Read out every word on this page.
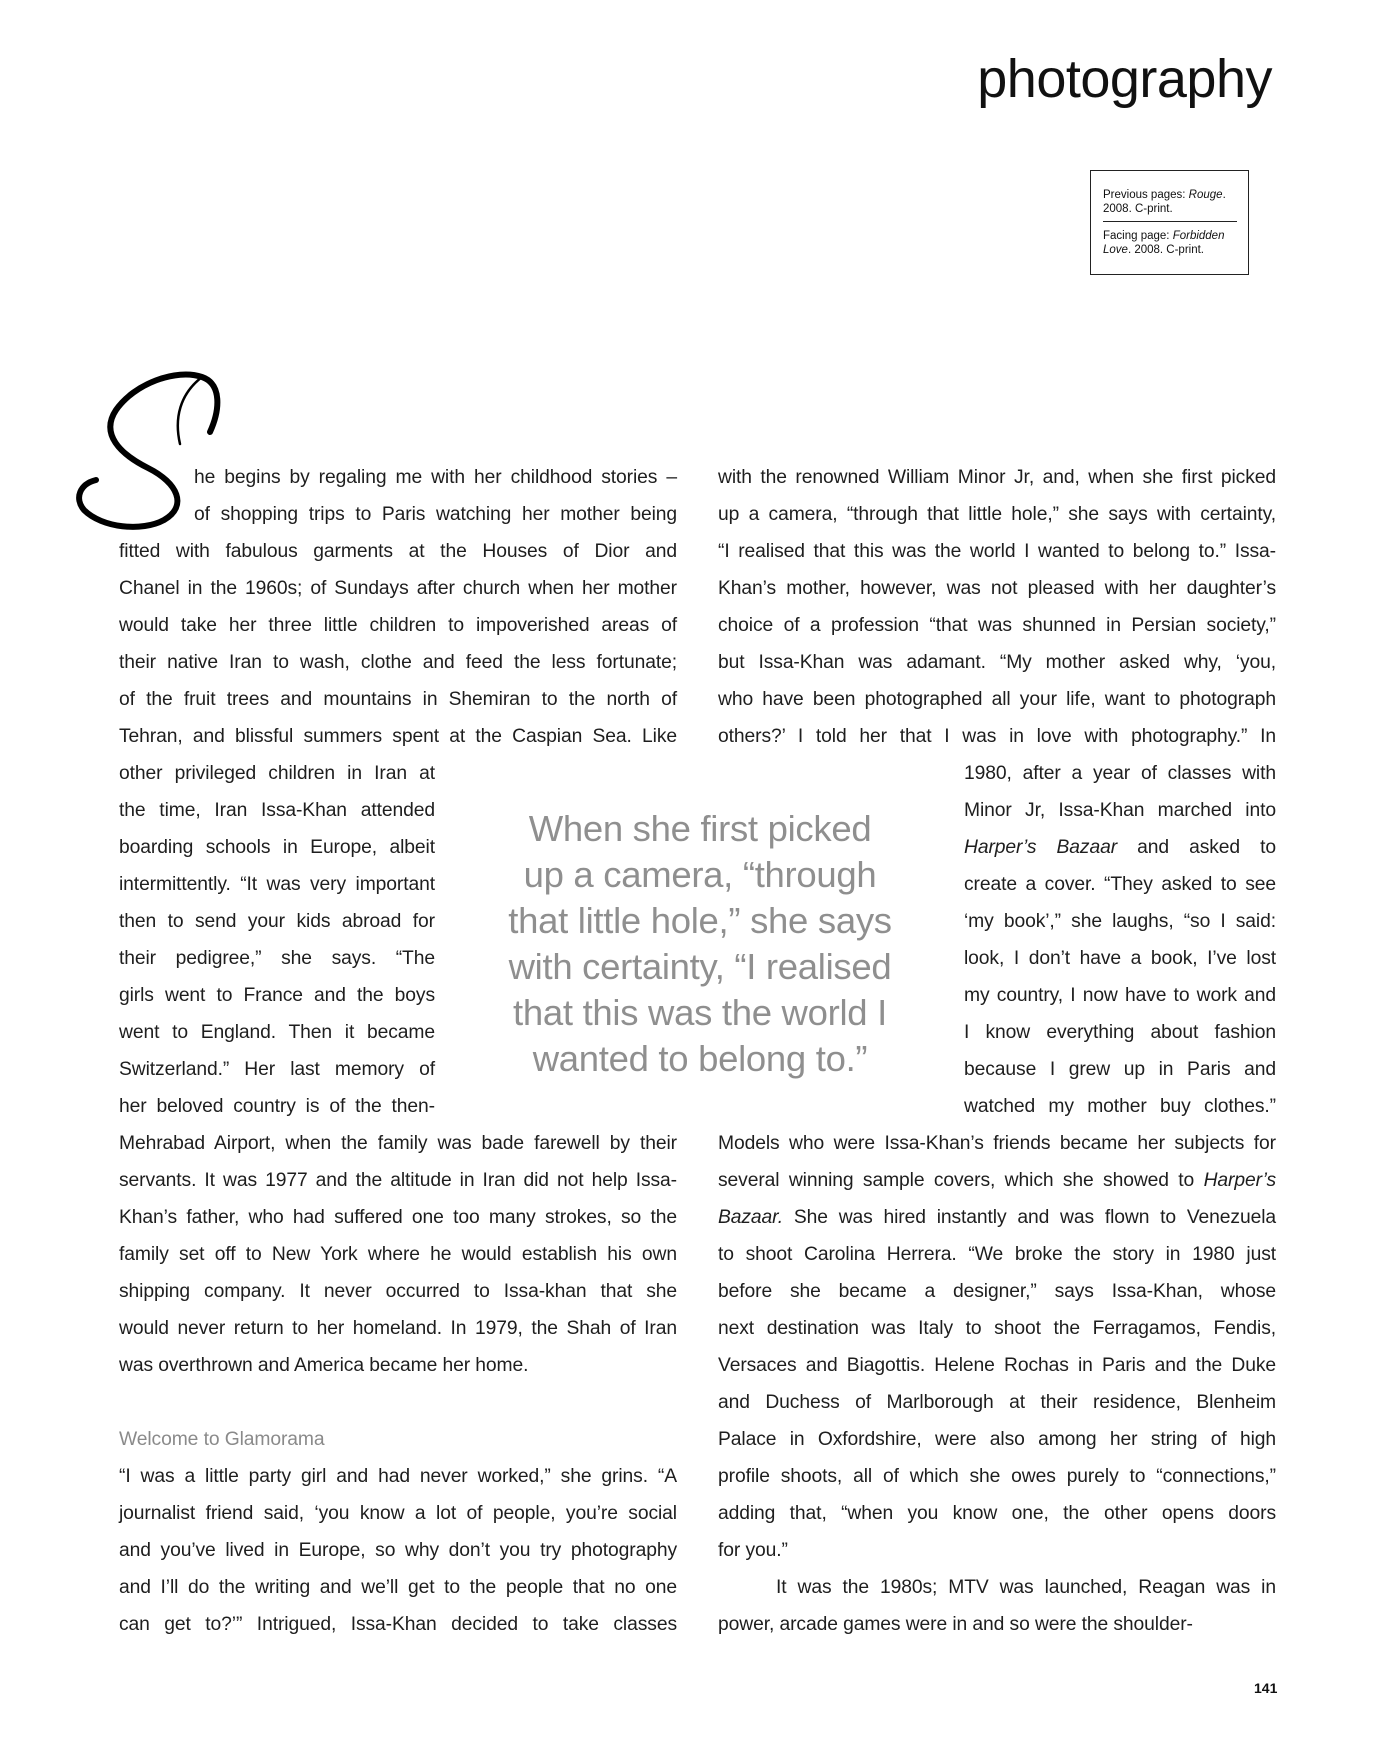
photography
Previous pages: Rouge. 2008. C-print.
Facing page: Forbidden Love. 2008. C-print.
he begins by regaling me with her childhood stories –
of shopping trips to Paris watching her mother being
fitted with fabulous garments at the Houses of Dior and
Chanel in the 1960s; of Sundays after church when her mother
would take her three little children to impoverished areas of
their native Iran to wash, clothe and feed the less fortunate;
of the fruit trees and mountains in Shemiran to the north of
Tehran, and blissful summers spent at the Caspian Sea. Like
other privileged children in Iran at
the time, Iran Issa-Khan attended
boarding schools in Europe, albeit
intermittently. “It was very important
then to send your kids abroad for
their pedigree,” she says. “The
girls went to France and the boys
went to England. Then it became
Switzerland.” Her last memory of
her beloved country is of the then-
Mehrabad Airport, when the family was bade farewell by their
servants. It was 1977 and the altitude in Iran did not help Issa-
Khan’s father, who had suffered one too many strokes, so the
family set off to New York where he would establish his own
shipping company. It never occurred to Issa-khan that she
would never return to her homeland. In 1979, the Shah of Iran
was overthrown and America became her home.
Welcome to Glamorama
“I was a little party girl and had never worked,” she grins. “A
journalist friend said, ‘you know a lot of people, you’re social
and you’ve lived in Europe, so why don’t you try photography
and I’ll do the writing and we’ll get to the people that no one
can get to?’” Intrigued, Issa-Khan decided to take classes
When she first picked
up a camera, “through
that little hole,” she says
with certainty, “I realised
that this was the world I
wanted to belong to.”
with the renowned William Minor Jr, and, when she first picked
up a camera, “through that little hole,” she says with certainty,
“I realised that this was the world I wanted to belong to.” Issa-
Khan’s mother, however, was not pleased with her daughter’s
choice of a profession “that was shunned in Persian society,”
but Issa-Khan was adamant. “My mother asked why, ‘you,
who have been photographed all your life, want to photograph
others?’ I told her that I was in love with photography.” In
1980, after a year of classes with
Minor Jr, Issa-Khan marched into
Harper’s Bazaar and asked to
create a cover. “They asked to see
‘my book’,” she laughs, “so I said:
look, I don’t have a book, I’ve lost
my country, I now have to work and
I know everything about fashion
because I grew up in Paris and
watched my mother buy clothes.”
Models who were Issa-Khan’s friends became her subjects for
several winning sample covers, which she showed to Harper’s
Bazaar. She was hired instantly and was flown to Venezuela
to shoot Carolina Herrera. “We broke the story in 1980 just
before she became a designer,” says Issa-Khan, whose
next destination was Italy to shoot the Ferragamos, Fendis,
Versaces and Biagottis. Helene Rochas in Paris and the Duke
and Duchess of Marlborough at their residence, Blenheim
Palace in Oxfordshire, were also among her string of high
profile shoots, all of which she owes purely to “connections,”
adding that, “when you know one, the other opens doors
for you.”
It was the 1980s; MTV was launched, Reagan was in
power, arcade games were in and so were the shoulder-
141
